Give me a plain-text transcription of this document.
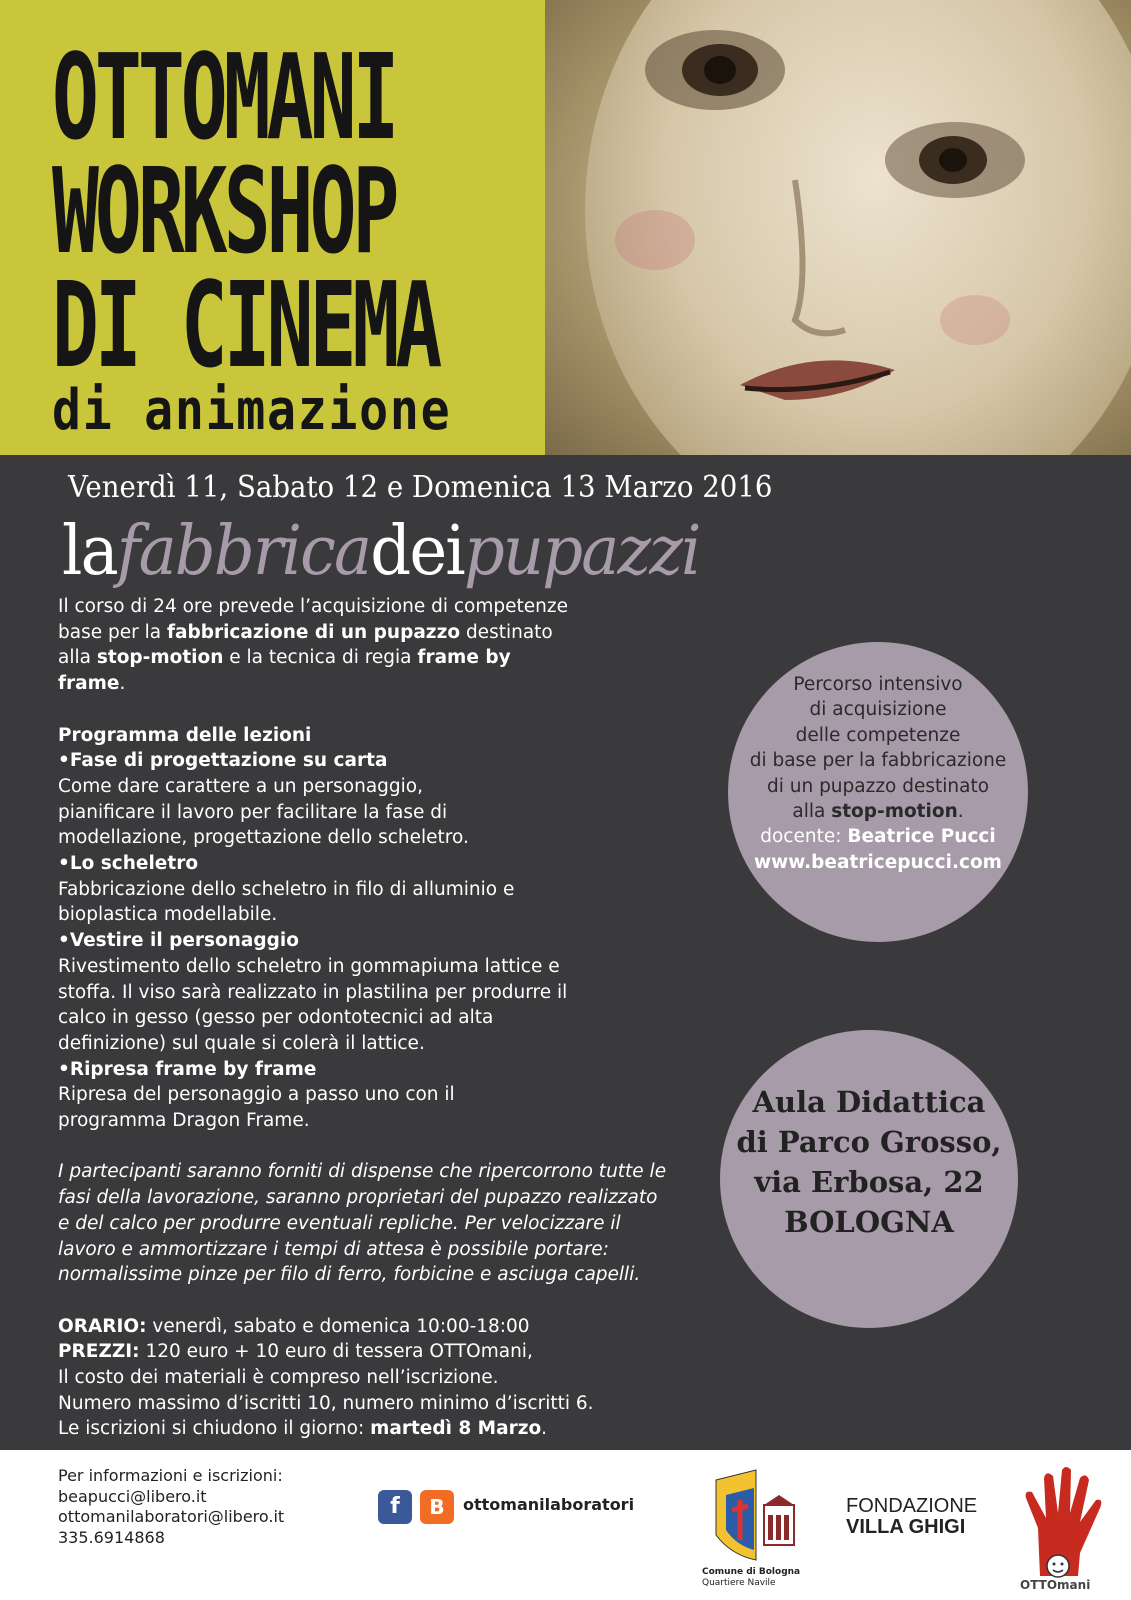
OTTOMANI
WORKSHOP
DI CINEMA
di animazione
Venerdì 11, Sabato 12 e Domenica 13 Marzo 2016
lafabbricadeipupazzi
Il corso di 24 ore prevede l’acquisizione di competenze base per la fabbricazione di un pupazzo destinato alla stop-motion e la tecnica di regia frame by frame.
Programma delle lezioni
•Fase di progettazione su carta
Come dare carattere a un personaggio, pianificare il lavoro per facilitare la fase di modellazione, progettazione dello scheletro.
•Lo scheletro
Fabbricazione dello scheletro in filo di alluminio e bioplastica modellabile.
•Vestire il personaggio
Rivestimento dello scheletro in gommapiuma lattice e stoffa. Il viso sarà realizzato in plastilina per produrre il calco in gesso (gesso per odontotecnici ad alta definizione) sul quale si colerà il lattice.
•Ripresa frame by frame
Ripresa del personaggio a passo uno con il programma Dragon Frame.
I partecipanti saranno forniti di dispense che ripercorrono tutte le fasi della lavorazione, saranno proprietari del pupazzo realizzato e del calco per produrre eventuali repliche. Per velocizzare il lavoro e ammortizzare i tempi di attesa è possibile portare: normalissime pinze per filo di ferro, forbicine e asciuga capelli.
ORARIO: venerdì, sabato e domenica 10:00-18:00
PREZZI: 120 euro + 10 euro di tessera OTTOmani,
Il costo dei materiali è compreso nell’iscrizione.
Numero massimo d’iscritti 10, numero minimo d’iscritti 6.
Le iscrizioni si chiudono il giorno: martedì 8 Marzo.
Percorso intensivo
di acquisizione
delle competenze
di base per la fabbricazione
di un pupazzo destinato
alla stop-motion.
docente: Beatrice Pucci
www.beatricepucci.com
Aula Didattica
di Parco Grosso,
via Erbosa, 22
BOLOGNA
Per informazioni e iscrizioni:
beapucci@libero.it
ottomanilaboratori@libero.it
335.6914868
f	B	ottomanilaboratori
Comune di Bologna
Quartiere Navile
FONDAZIONE
VILLA GHIGI
OTTOmani
